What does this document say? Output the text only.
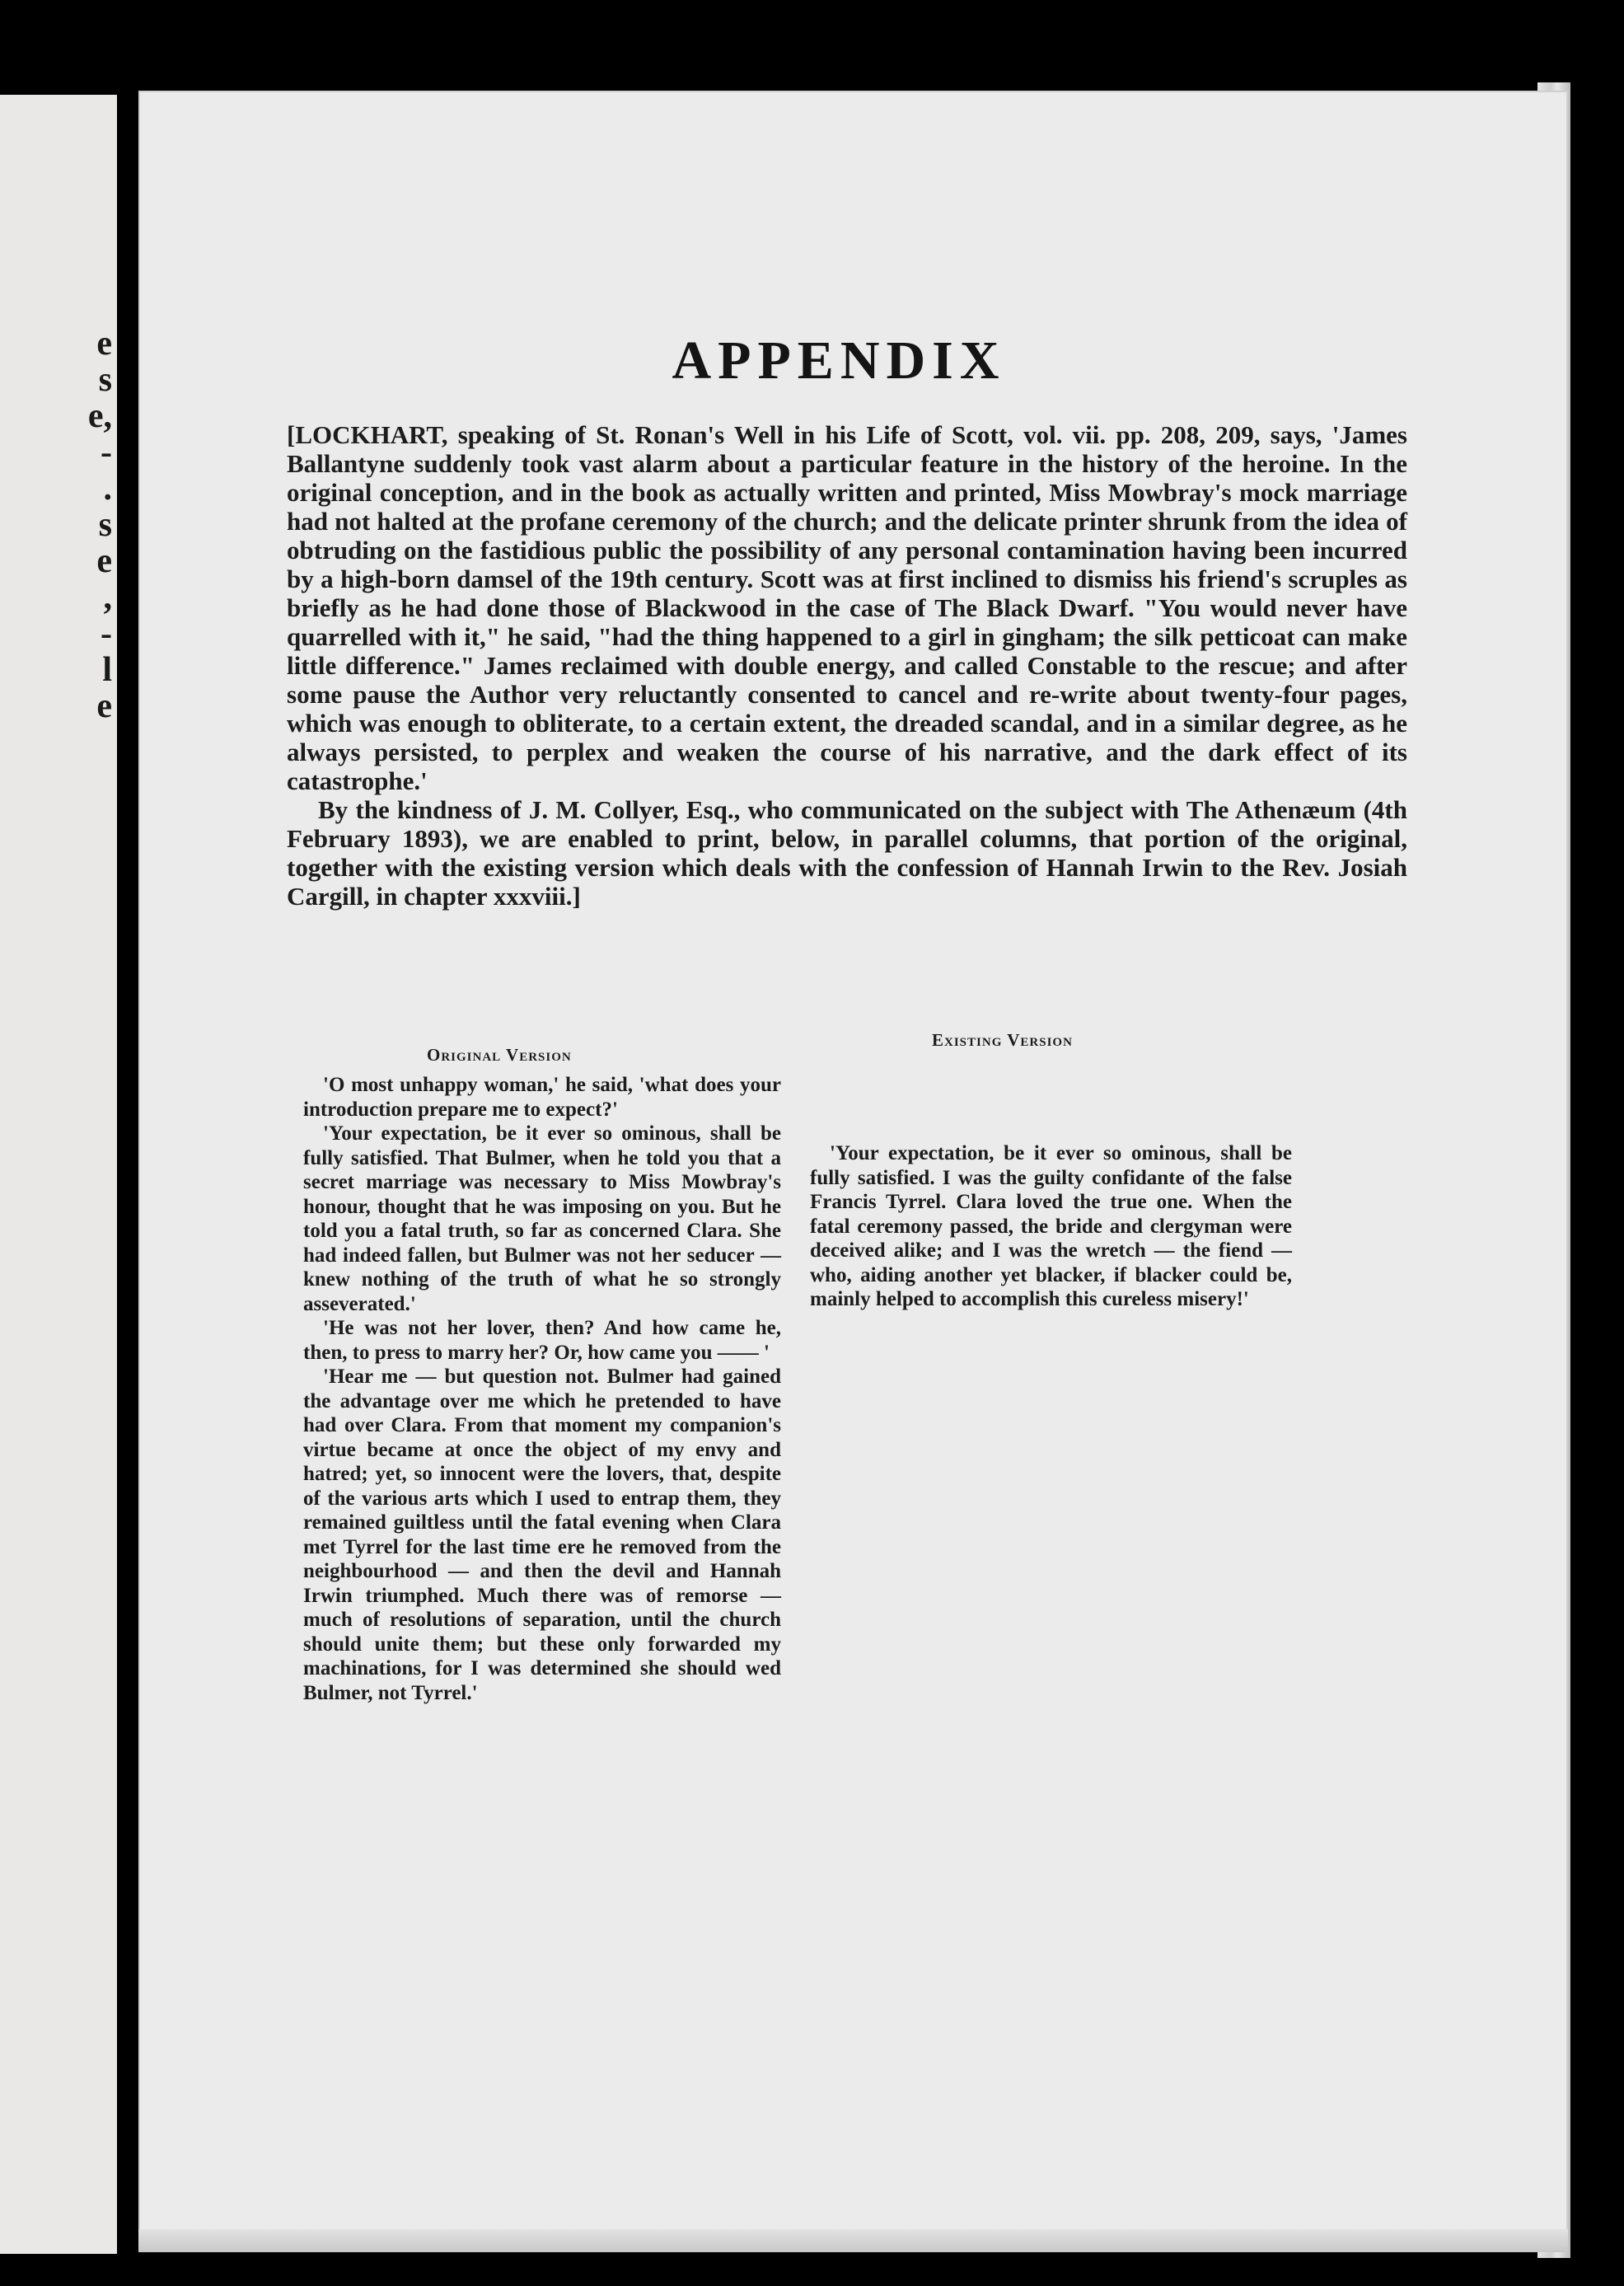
e
s
e,
-
.
s
e
,
-
l
e
APPENDIX

[LOCKHART, speaking of St. Ronan's Well in his Life of Scott, vol. vii. pp. 208, 209, says, 'James Ballantyne suddenly took vast alarm about a particular feature in the history of the heroine. In the original conception, and in the book as actually written and printed, Miss Mowbray's mock marriage had not halted at the profane ceremony of the church; and the delicate printer shrunk from the idea of obtruding on the fastidious public the possibility of any personal contamination having been incurred by a high-born damsel of the 19th century. Scott was at first inclined to dismiss his friend's scruples as briefly as he had done those of Blackwood in the case of The Black Dwarf. "You would never have quarrelled with it," he said, "had the thing happened to a girl in gingham; the silk petticoat can make little difference." James reclaimed with double energy, and called Constable to the rescue; and after some pause the Author very reluctantly consented to cancel and re-write about twenty-four pages, which was enough to obliterate, to a certain extent, the dreaded scandal, and in a similar degree, as he always persisted, to perplex and weaken the course of his narrative, and the dark effect of its catastrophe.'

By the kindness of J. M. Collyer, Esq., who communicated on the subject with The Athenæum (4th February 1893), we are enabled to print, below, in parallel columns, that portion of the original, together with the existing version which deals with the confession of Hannah Irwin to the Rev. Josiah Cargill, in chapter xxxviii.]

Original Version
Existing Version

'O most unhappy woman,' he said, 'what does your introduction prepare me to expect?'

'Your expectation, be it ever so ominous, shall be fully satisfied. That Bulmer, when he told you that a secret marriage was necessary to Miss Mowbray's honour, thought that he was imposing on you. But he told you a fatal truth, so far as concerned Clara. She had indeed fallen, but Bulmer was not her seducer — knew nothing of the truth of what he so strongly asseverated.'

'He was not her lover, then? And how came he, then, to press to marry her? Or, how came you —— '

'Hear me — but question not. Bulmer had gained the advantage over me which he pretended to have had over Clara. From that moment my companion's virtue became at once the object of my envy and hatred; yet, so innocent were the lovers, that, despite of the various arts which I used to entrap them, they remained guiltless until the fatal evening when Clara met Tyrrel for the last time ere he removed from the neighbourhood — and then the devil and Hannah Irwin triumphed. Much there was of remorse — much of resolutions of separation, until the church should unite them; but these only forwarded my machinations, for I was determined she should wed Bulmer, not Tyrrel.'

'Your expectation, be it ever so ominous, shall be fully satisfied. I was the guilty confidante of the false Francis Tyrrel. Clara loved the true one. When the fatal ceremony passed, the bride and clergyman were deceived alike; and I was the wretch — the fiend — who, aiding another yet blacker, if blacker could be, mainly helped to accomplish this cureless misery!'
